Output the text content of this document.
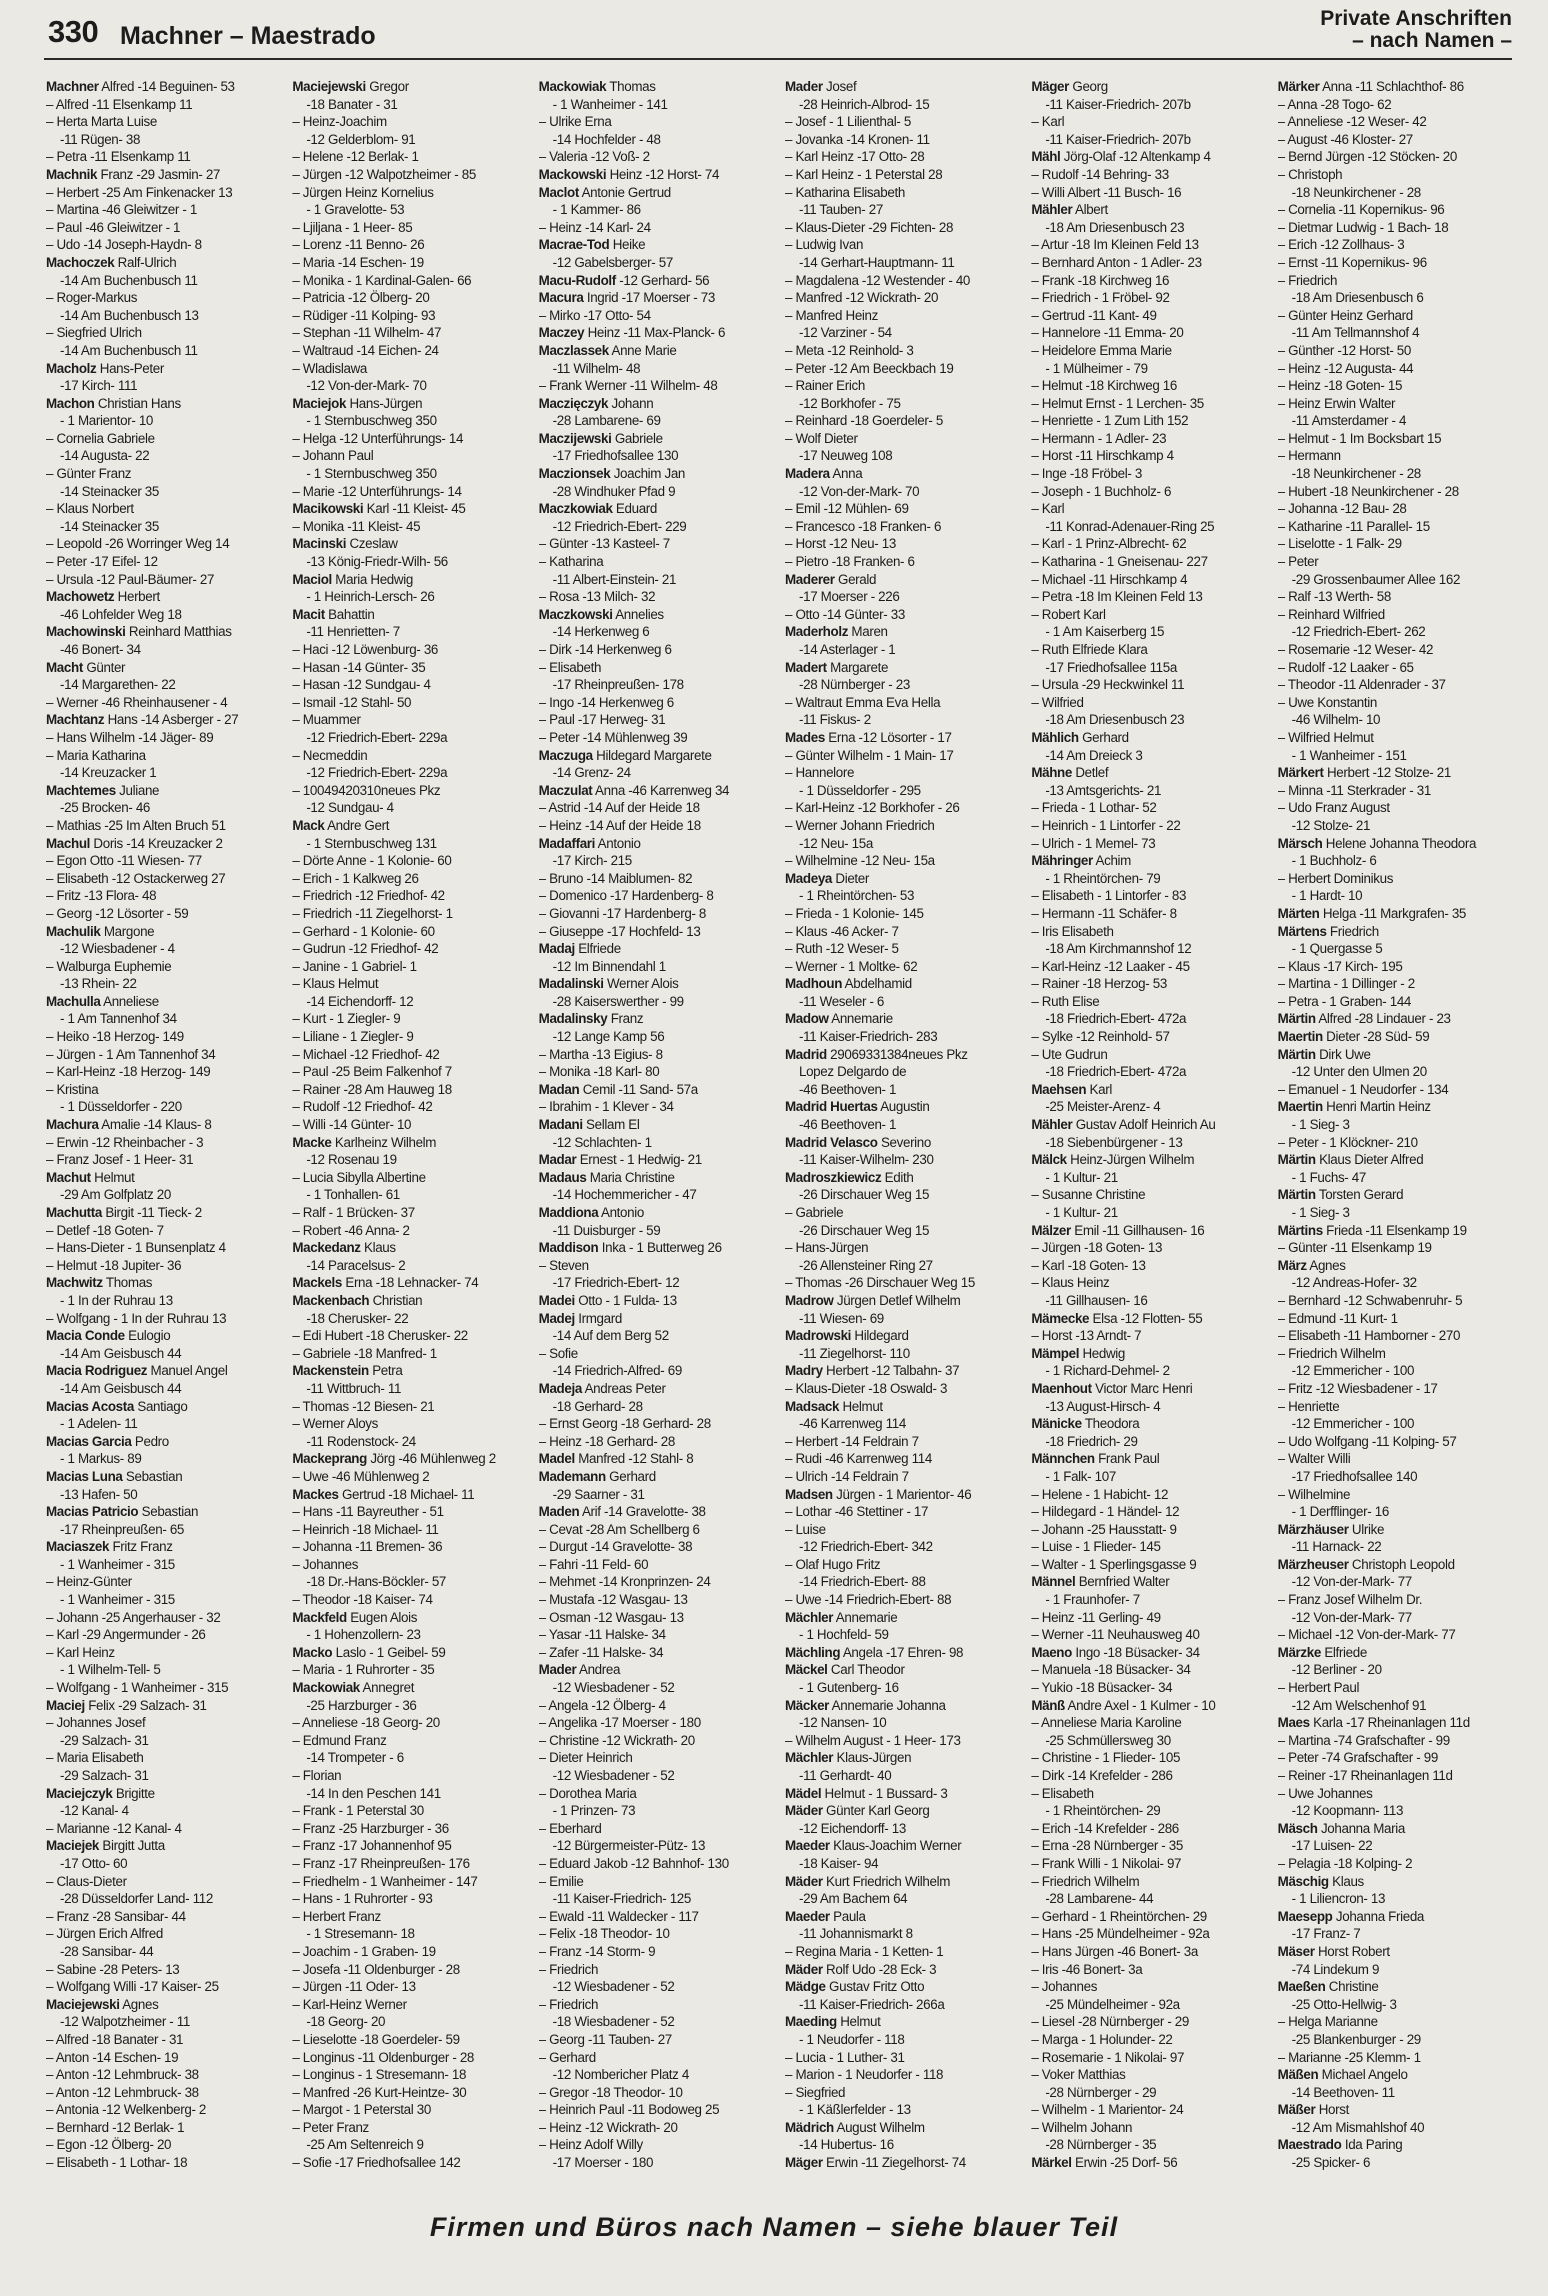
330 Machner – Maestrado
Private Anschriften
– nach Namen –
Machner Alfred -14 Beguinen- 53
– Alfred -11 Elsenkamp 11
– Herta Marta Luise
-11 Rügen- 38
– Petra -11 Elsenkamp 11
Machnik Franz -29 Jasmin- 27
– Herbert -25 Am Finkenacker 13
– Martina -46 Gleiwitzer - 1
– Paul -46 Gleiwitzer - 1
– Udo -14 Joseph-Haydn- 8
Machoczek Ralf-Ulrich
-14 Am Buchenbusch 11
– Roger-Markus
-14 Am Buchenbusch 13
– Siegfried Ulrich
-14 Am Buchenbusch 11
Macholz Hans-Peter
-17 Kirch- 111
Machon Christian Hans
- 1 Marientor- 10
– Cornelia Gabriele
-14 Augusta- 22
– Günter Franz
-14 Steinacker 35
– Klaus Norbert
-14 Steinacker 35
– Leopold -26 Worringer Weg 14
– Peter -17 Eifel- 12
– Ursula -12 Paul-Bäumer- 27
Machowetz Herbert
-46 Lohfelder Weg 18
Machowinski Reinhard Matthias
-46 Bonert- 34
Macht Günter
-14 Margarethen- 22
– Werner -46 Rheinhausener - 4
Machtanz Hans -14 Asberger - 27
– Hans Wilhelm -14 Jäger- 89
– Maria Katharina
-14 Kreuzacker 1
Machtemes Juliane
-25 Brocken- 46
– Mathias -25 Im Alten Bruch 51
Machul Doris -14 Kreuzacker 2
– Egon Otto -11 Wiesen- 77
– Elisabeth -12 Ostackerweg 27
– Fritz -13 Flora- 48
– Georg -12 Lösorter - 59
Machulik Margone
-12 Wiesbadener - 4
– Walburga Euphemie
-13 Rhein- 22
Machulla Anneliese
- 1 Am Tannenhof 34
– Heiko -18 Herzog- 149
– Jürgen - 1 Am Tannenhof 34
– Karl-Heinz -18 Herzog- 149
– Kristina
- 1 Düsseldorfer - 220
Machura Amalie -14 Klaus- 8
– Erwin -12 Rheinbacher - 3
– Franz Josef - 1 Heer- 31
Machut Helmut
-29 Am Golfplatz 20
Machutta Birgit -11 Tieck- 2
– Detlef -18 Goten- 7
– Hans-Dieter - 1 Bunsenplatz 4
– Helmut -18 Jupiter- 36
Machwitz Thomas
- 1 In der Ruhrau 13
– Wolfgang - 1 In der Ruhrau 13
Macia Conde Eulogio
-14 Am Geisbusch 44
Macia Rodriguez Manuel Angel
-14 Am Geisbusch 44
Macias Acosta Santiago
- 1 Adelen- 11
Macias Garcia Pedro
- 1 Markus- 89
Macias Luna Sebastian
-13 Hafen- 50
Macias Patricio Sebastian
-17 Rheinpreußen- 65
Maciaszek Fritz Franz
- 1 Wanheimer - 315
– Heinz-Günter
- 1 Wanheimer - 315
– Johann -25 Angerhauser - 32
– Karl -29 Angermunder - 26
– Karl Heinz
- 1 Wilhelm-Tell- 5
– Wolfgang - 1 Wanheimer - 315
Maciej Felix -29 Salzach- 31
– Johannes Josef
-29 Salzach- 31
– Maria Elisabeth
-29 Salzach- 31
Maciejczyk Brigitte
-12 Kanal- 4
– Marianne -12 Kanal- 4
Maciejek Birgitt Jutta
-17 Otto- 60
– Claus-Dieter
-28 Düsseldorfer Land- 112
– Franz -28 Sansibar- 44
– Jürgen Erich Alfred
-28 Sansibar- 44
– Sabine -28 Peters- 13
– Wolfgang Willi -17 Kaiser- 25
Maciejewski Agnes
-12 Walpotzheimer - 11
– Alfred -18 Banater - 31
– Anton -14 Eschen- 19
– Anton -12 Lehmbruck- 38
– Anton -12 Lehmbruck- 38
– Antonia -12 Welkenberg- 2
– Bernhard -12 Berlak- 1
– Egon -12 Ölberg- 20
– Elisabeth - 1 Lothar- 18
Maciejewski Gregor
-18 Banater - 31
– Heinz-Joachim
-12 Gelderblom- 91
– Helene -12 Berlak- 1
– Jürgen -12 Walpotzheimer - 85
– Jürgen Heinz Kornelius
- 1 Gravelotte- 53
– Ljiljana - 1 Heer- 85
– Lorenz -11 Benno- 26
– Maria -14 Eschen- 19
– Monika - 1 Kardinal-Galen- 66
– Patricia -12 Ölberg- 20
– Rüdiger -11 Kolping- 93
– Stephan -11 Wilhelm- 47
– Waltraud -14 Eichen- 24
– Wladislawa
-12 Von-der-Mark- 70
Maciejok Hans-Jürgen
- 1 Sternbuschweg 350
– Helga -12 Unterführungs- 14
– Johann Paul
- 1 Sternbuschweg 350
– Marie -12 Unterführungs- 14
Macikowski Karl -11 Kleist- 45
– Monika -11 Kleist- 45
Macinski Czeslaw
-13 König-Friedr-Wilh- 56
Maciol Maria Hedwig
- 1 Heinrich-Lersch- 26
Macit Bahattin
-11 Henrietten- 7
– Haci -12 Löwenburg- 36
– Hasan -14 Günter- 35
– Hasan -12 Sundgau- 4
– Ismail -12 Stahl- 50
– Muammer
-12 Friedrich-Ebert- 229a
– Necmeddin
-12 Friedrich-Ebert- 229a
– 10049420310neues Pkz
-12 Sundgau- 4
Mack Andre Gert
- 1 Sternbuschweg 131
– Dörte Anne - 1 Kolonie- 60
– Erich - 1 Kalkweg 26
– Friedrich -12 Friedhof- 42
– Friedrich -11 Ziegelhorst- 1
– Gerhard - 1 Kolonie- 60
– Gudrun -12 Friedhof- 42
– Janine - 1 Gabriel- 1
– Klaus Helmut
-14 Eichendorff- 12
– Kurt - 1 Ziegler- 9
– Liliane - 1 Ziegler- 9
– Michael -12 Friedhof- 42
– Paul -25 Beim Falkenhof 7
– Rainer -28 Am Hauweg 18
– Rudolf -12 Friedhof- 42
– Willi -14 Günter- 10
Macke Karlheinz Wilhelm
-12 Rosenau 19
– Lucia Sibylla Albertine
- 1 Tonhallen- 61
– Ralf - 1 Brücken- 37
– Robert -46 Anna- 2
Mackedanz Klaus
-14 Paracelsus- 2
Mackels Erna -18 Lehnacker- 74
Mackenbach Christian
-18 Cherusker- 22
– Edi Hubert -18 Cherusker- 22
– Gabriele -18 Manfred- 1
Mackenstein Petra
-11 Wittbruch- 11
– Thomas -12 Biesen- 21
– Werner Aloys
-11 Rodenstock- 24
Mackeprang Jörg -46 Mühlenweg 2
– Uwe -46 Mühlenweg 2
Mackes Gertrud -18 Michael- 11
– Hans -11 Bayreuther - 51
– Heinrich -18 Michael- 11
– Johanna -11 Bremen- 36
– Johannes
-18 Dr.-Hans-Böckler- 57
– Theodor -18 Kaiser- 74
Mackfeld Eugen Alois
- 1 Hohenzollern- 23
Macko Laslo - 1 Geibel- 59
– Maria - 1 Ruhrorter - 35
Mackowiak Annegret
-25 Harzburger - 36
– Anneliese -18 Georg- 20
– Edmund Franz
-14 Trompeter - 6
– Florian
-14 In den Peschen 141
– Frank - 1 Peterstal 30
– Franz -25 Harzburger - 36
– Franz -17 Johannenhof 95
– Franz -17 Rheinpreußen- 176
– Friedhelm - 1 Wanheimer - 147
– Hans - 1 Ruhrorter - 93
– Herbert Franz
- 1 Stresemann- 18
– Joachim - 1 Graben- 19
– Josefa -11 Oldenburger - 28
– Jürgen -11 Oder- 13
– Karl-Heinz Werner
-18 Georg- 20
– Lieselotte -18 Goerdeler- 59
– Longinus -11 Oldenburger - 28
– Longinus - 1 Stresemann- 18
– Manfred -26 Kurt-Heintze- 30
– Margot - 1 Peterstal 30
– Peter Franz
-25 Am Seltenreich 9
– Sofie -17 Friedhofsallee 142
Mackowiak Thomas
- 1 Wanheimer - 141
– Ulrike Erna
-14 Hochfelder - 48
– Valeria -12 Voß- 2
Mackowski Heinz -12 Horst- 74
Maclot Antonie Gertrud
- 1 Kammer- 86
– Heinz -14 Karl- 24
Macrae-Tod Heike
-12 Gabelsberger- 57
Macu-Rudolf -12 Gerhard- 56
Macura Ingrid -17 Moerser - 73
– Mirko -17 Otto- 54
Maczey Heinz -11 Max-Planck- 6
Maczlassek Anne Marie
-11 Wilhelm- 48
– Frank Werner -11 Wilhelm- 48
Maczięczyk Johann
-28 Lambarene- 69
Maczijewski Gabriele
-17 Friedhofsallee 130
Maczionsek Joachim Jan
-28 Windhuker Pfad 9
Maczkowiak Eduard
-12 Friedrich-Ebert- 229
– Günter -13 Kasteel- 7
– Katharina
-11 Albert-Einstein- 21
– Rosa -13 Milch- 32
Maczkowski Annelies
-14 Herkenweg 6
– Dirk -14 Herkenweg 6
– Elisabeth
-17 Rheinpreußen- 178
– Ingo -14 Herkenweg 6
– Paul -17 Herweg- 31
– Peter -14 Mühlenweg 39
Maczuga Hildegard Margarete
-14 Grenz- 24
Maczulat Anna -46 Karrenweg 34
– Astrid -14 Auf der Heide 18
– Heinz -14 Auf der Heide 18
Madaffari Antonio
-17 Kirch- 215
– Bruno -14 Maiblumen- 82
– Domenico -17 Hardenberg- 8
– Giovanni -17 Hardenberg- 8
– Giuseppe -17 Hochfeld- 13
Madaj Elfriede
-12 Im Binnendahl 1
Madalinski Werner Alois
-28 Kaiserswerther - 99
Madalinsky Franz
-12 Lange Kamp 56
– Martha -13 Eigius- 8
– Monika -18 Karl- 80
Madan Cemil -11 Sand- 57a
– Ibrahim - 1 Klever - 34
Madani Sellam El
-12 Schlachten- 1
Madar Ernest - 1 Hedwig- 21
Madaus Maria Christine
-14 Hochemmericher - 47
Maddiona Antonio
-11 Duisburger - 59
Maddison Inka - 1 Butterweg 26
– Steven
-17 Friedrich-Ebert- 12
Madei Otto - 1 Fulda- 13
Madej Irmgard
-14 Auf dem Berg 52
– Sofie
-14 Friedrich-Alfred- 69
Madeja Andreas Peter
-18 Gerhard- 28
– Ernst Georg -18 Gerhard- 28
– Heinz -18 Gerhard- 28
Madel Manfred -12 Stahl- 8
Mademann Gerhard
-29 Saarner - 31
Maden Arif -14 Gravelotte- 38
– Cevat -28 Am Schellberg 6
– Durgut -14 Gravelotte- 38
– Fahri -11 Feld- 60
– Mehmet -14 Kronprinzen- 24
– Mustafa -12 Wasgau- 13
– Osman -12 Wasgau- 13
– Yasar -11 Halske- 34
– Zafer -11 Halske- 34
Mader Andrea
-12 Wiesbadener - 52
– Angela -12 Ölberg- 4
– Angelika -17 Moerser - 180
– Christine -12 Wickrath- 20
– Dieter Heinrich
-12 Wiesbadener - 52
– Dorothea Maria
- 1 Prinzen- 73
– Eberhard
-12 Bürgermeister-Pütz- 13
– Eduard Jakob -12 Bahnhof- 130
– Emilie
-11 Kaiser-Friedrich- 125
– Ewald -11 Waldecker - 117
– Felix -18 Theodor- 10
– Franz -14 Storm- 9
– Friedrich
-12 Wiesbadener - 52
– Friedrich
-18 Wiesbadener - 52
– Georg -11 Tauben- 27
– Gerhard
-12 Nombericher Platz 4
– Gregor -18 Theodor- 10
– Heinrich Paul -11 Bodoweg 25
– Heinz -12 Wickrath- 20
– Heinz Adolf Willy
-17 Moerser - 180
Mader Josef
-28 Heinrich-Albrod- 15
– Josef - 1 Lilienthal- 5
– Jovanka -14 Kronen- 11
– Karl Heinz -17 Otto- 28
– Karl Heinz - 1 Peterstal 28
– Katharina Elisabeth
-11 Tauben- 27
– Klaus-Dieter -29 Fichten- 28
– Ludwig Ivan
-14 Gerhart-Hauptmann- 11
– Magdalena -12 Westender - 40
– Manfred -12 Wickrath- 20
– Manfred Heinz
-12 Varziner - 54
– Meta -12 Reinhold- 3
– Peter -12 Am Beeckbach 19
– Rainer Erich
-12 Borkhofer - 75
– Reinhard -18 Goerdeler- 5
– Wolf Dieter
-17 Neuweg 108
Madera Anna
-12 Von-der-Mark- 70
– Emil -12 Mühlen- 69
– Francesco -18 Franken- 6
– Horst -12 Neu- 13
– Pietro -18 Franken- 6
Maderer Gerald
-17 Moerser - 226
– Otto -14 Günter- 33
Maderholz Maren
-14 Asterlager - 1
Madert Margarete
-28 Nürnberger - 23
– Waltraut Emma Eva Hella
-11 Fiskus- 2
Mades Erna -12 Lösorter - 17
– Günter Wilhelm - 1 Main- 17
– Hannelore
- 1 Düsseldorfer - 295
– Karl-Heinz -12 Borkhofer - 26
– Werner Johann Friedrich
-12 Neu- 15a
– Wilhelmine -12 Neu- 15a
Madeya Dieter
- 1 Rheintörchen- 53
– Frieda - 1 Kolonie- 145
– Klaus -46 Acker- 7
– Ruth -12 Weser- 5
– Werner - 1 Moltke- 62
Madhoun Abdelhamid
-11 Weseler - 6
Madow Annemarie
-11 Kaiser-Friedrich- 283
Madrid 29069331384neues Pkz
Lopez Delgardo de
-46 Beethoven- 1
Madrid Huertas Augustin
-46 Beethoven- 1
Madrid Velasco Severino
-11 Kaiser-Wilhelm- 230
Madroszkiewicz Edith
-26 Dirschauer Weg 15
– Gabriele
-26 Dirschauer Weg 15
– Hans-Jürgen
-26 Allensteiner Ring 27
– Thomas -26 Dirschauer Weg 15
Madrow Jürgen Detlef Wilhelm
-11 Wiesen- 69
Madrowski Hildegard
-11 Ziegelhorst- 110
Madry Herbert -12 Talbahn- 37
– Klaus-Dieter -18 Oswald- 3
Madsack Helmut
-46 Karrenweg 114
– Herbert -14 Feldrain 7
– Rudi -46 Karrenweg 114
– Ulrich -14 Feldrain 7
Madsen Jürgen - 1 Marientor- 46
– Lothar -46 Stettiner - 17
– Luise
-12 Friedrich-Ebert- 342
– Olaf Hugo Fritz
-14 Friedrich-Ebert- 88
– Uwe -14 Friedrich-Ebert- 88
Mächler Annemarie
- 1 Hochfeld- 59
Mächling Angela -17 Ehren- 98
Mäckel Carl Theodor
- 1 Gutenberg- 16
Mäcker Annemarie Johanna
-12 Nansen- 10
– Wilhelm August - 1 Heer- 173
Mächler Klaus-Jürgen
-11 Gerhardt- 40
Mädel Helmut - 1 Bussard- 3
Mäder Günter Karl Georg
-12 Eichendorff- 13
Maeder Klaus-Joachim Werner
-18 Kaiser- 94
Mäder Kurt Friedrich Wilhelm
-29 Am Bachem 64
Maeder Paula
-11 Johannismarkt 8
– Regina Maria - 1 Ketten- 1
Mäder Rolf Udo -28 Eck- 3
Mädge Gustav Fritz Otto
-11 Kaiser-Friedrich- 266a
Maeding Helmut
- 1 Neudorfer - 118
– Lucia - 1 Luther- 31
– Marion - 1 Neudorfer - 118
– Siegfried
- 1 Käßlerfelder - 13
Mädrich August Wilhelm
-14 Hubertus- 16
Mäger Erwin -11 Ziegelhorst- 74
Mäger Georg
-11 Kaiser-Friedrich- 207b
– Karl
-11 Kaiser-Friedrich- 207b
Mähl Jörg-Olaf -12 Altenkamp 4
– Rudolf -14 Behring- 33
– Willi Albert -11 Busch- 16
Mähler Albert
-18 Am Driesenbusch 23
– Artur -18 Im Kleinen Feld 13
– Bernhard Anton - 1 Adler- 23
– Frank -18 Kirchweg 16
– Friedrich - 1 Fröbel- 92
– Gertrud -11 Kant- 49
– Hannelore -11 Emma- 20
– Heidelore Emma Marie
- 1 Mülheimer - 79
– Helmut -18 Kirchweg 16
– Helmut Ernst - 1 Lerchen- 35
– Henriette - 1 Zum Lith 152
– Hermann - 1 Adler- 23
– Horst -11 Hirschkamp 4
– Inge -18 Fröbel- 3
– Joseph - 1 Buchholz- 6
– Karl
-11 Konrad-Adenauer-Ring 25
– Karl - 1 Prinz-Albrecht- 62
– Katharina - 1 Gneisenau- 227
– Michael -11 Hirschkamp 4
– Petra -18 Im Kleinen Feld 13
– Robert Karl
- 1 Am Kaiserberg 15
– Ruth Elfriede Klara
-17 Friedhofsallee 115a
– Ursula -29 Heckwinkel 11
– Wilfried
-18 Am Driesenbusch 23
Mählich Gerhard
-14 Am Dreieck 3
Mähne Detlef
-13 Amtsgerichts- 21
– Frieda - 1 Lothar- 52
– Heinrich - 1 Lintorfer - 22
– Ulrich - 1 Memel- 73
Mähringer Achim
- 1 Rheintörchen- 79
– Elisabeth - 1 Lintorfer - 83
– Hermann -11 Schäfer- 8
– Iris Elisabeth
-18 Am Kirchmannshof 12
– Karl-Heinz -12 Laaker - 45
– Rainer -18 Herzog- 53
– Ruth Elise
-18 Friedrich-Ebert- 472a
– Sylke -12 Reinhold- 57
– Ute Gudrun
-18 Friedrich-Ebert- 472a
Maehsen Karl
-25 Meister-Arenz- 4
Mähler Gustav Adolf Heinrich Au
-18 Siebenbürgener - 13
Mälck Heinz-Jürgen Wilhelm
- 1 Kultur- 21
– Susanne Christine
- 1 Kultur- 21
Mälzer Emil -11 Gillhausen- 16
– Jürgen -18 Goten- 13
– Karl -18 Goten- 13
– Klaus Heinz
-11 Gillhausen- 16
Mämecke Elsa -12 Flotten- 55
– Horst -13 Arndt- 7
Mämpel Hedwig
- 1 Richard-Dehmel- 2
Maenhout Victor Marc Henri
-13 August-Hirsch- 4
Mänicke Theodora
-18 Friedrich- 29
Männchen Frank Paul
- 1 Falk- 107
– Helene - 1 Habicht- 12
– Hildegard - 1 Händel- 12
– Johann -25 Hausstatt- 9
– Luise - 1 Flieder- 145
– Walter - 1 Sperlingsgasse 9
Männel Bernfried Walter
- 1 Fraunhofer- 7
– Heinz -11 Gerling- 49
– Werner -11 Neuhausweg 40
Maeno Ingo -18 Büsacker- 34
– Manuela -18 Büsacker- 34
– Yukio -18 Büsacker- 34
Mänß Andre Axel - 1 Kulmer - 10
– Anneliese Maria Karoline
-25 Schmüllersweg 30
– Christine - 1 Flieder- 105
– Dirk -14 Krefelder - 286
– Elisabeth
- 1 Rheintörchen- 29
– Erich -14 Krefelder - 286
– Erna -28 Nürnberger - 35
– Frank Willi - 1 Nikolai- 97
– Friedrich Wilhelm
-28 Lambarene- 44
– Gerhard - 1 Rheintörchen- 29
– Hans -25 Mündelheimer - 92a
– Hans Jürgen -46 Bonert- 3a
– Iris -46 Bonert- 3a
– Johannes
-25 Mündelheimer - 92a
– Liesel -28 Nürnberger - 29
– Marga - 1 Holunder- 22
– Rosemarie - 1 Nikolai- 97
– Voker Matthias
-28 Nürnberger - 29
– Wilhelm - 1 Marientor- 24
– Wilhelm Johann
-28 Nürnberger - 35
Märkel Erwin -25 Dorf- 56
Märker Anna -11 Schlachthof- 86
– Anna -28 Togo- 62
– Anneliese -12 Weser- 42
– August -46 Kloster- 27
– Bernd Jürgen -12 Stöcken- 20
– Christoph
-18 Neunkirchener - 28
– Cornelia -11 Kopernikus- 96
– Dietmar Ludwig - 1 Bach- 18
– Erich -12 Zollhaus- 3
– Ernst -11 Kopernikus- 96
– Friedrich
-18 Am Driesenbusch 6
– Günter Heinz Gerhard
-11 Am Tellmannshof 4
– Günther -12 Horst- 50
– Heinz -12 Augusta- 44
– Heinz -18 Goten- 15
– Heinz Erwin Walter
-11 Amsterdamer - 4
– Helmut - 1 Im Bocksbart 15
– Hermann
-18 Neunkirchener - 28
– Hubert -18 Neunkirchener - 28
– Johanna -12 Bau- 28
– Katharine -11 Parallel- 15
– Liselotte - 1 Falk- 29
– Peter
-29 Grossenbaumer Allee 162
– Ralf -13 Werth- 58
– Reinhard Wilfried
-12 Friedrich-Ebert- 262
– Rosemarie -12 Weser- 42
– Rudolf -12 Laaker - 65
– Theodor -11 Aldenrader - 37
– Uwe Konstantin
-46 Wilhelm- 10
– Wilfried Helmut
- 1 Wanheimer - 151
Märkert Herbert -12 Stolze- 21
– Minna -11 Sterkrader - 31
– Udo Franz August
-12 Stolze- 21
Märsch Helene Johanna Theodora
- 1 Buchholz- 6
– Herbert Dominikus
- 1 Hardt- 10
Märten Helga -11 Markgrafen- 35
Märtens Friedrich
- 1 Quergasse 5
– Klaus -17 Kirch- 195
– Martina - 1 Dillinger - 2
– Petra - 1 Graben- 144
Märtin Alfred -28 Lindauer - 23
Maertin Dieter -28 Süd- 59
Märtin Dirk Uwe
-12 Unter den Ulmen 20
– Emanuel - 1 Neudorfer - 134
Maertin Henri Martin Heinz
- 1 Sieg- 3
– Peter - 1 Klöckner- 210
Märtin Klaus Dieter Alfred
- 1 Fuchs- 47
Märtin Torsten Gerard
- 1 Sieg- 3
Märtins Frieda -11 Elsenkamp 19
– Günter -11 Elsenkamp 19
März Agnes
-12 Andreas-Hofer- 32
– Bernhard -12 Schwabenruhr- 5
– Edmund -11 Kurt- 1
– Elisabeth -11 Hamborner - 270
– Friedrich Wilhelm
-12 Emmericher - 100
– Fritz -12 Wiesbadener - 17
– Henriette
-12 Emmericher - 100
– Udo Wolfgang -11 Kolping- 57
– Walter Willi
-17 Friedhofsallee 140
– Wilhelmine
- 1 Derfflinger- 16
Märzhäuser Ulrike
-11 Harnack- 22
Märzheuser Christoph Leopold
-12 Von-der-Mark- 77
– Franz Josef Wilhelm Dr.
-12 Von-der-Mark- 77
– Michael -12 Von-der-Mark- 77
Märzke Elfriede
-12 Berliner - 20
– Herbert Paul
-12 Am Welschenhof 91
Maes Karla -17 Rheinanlagen 11d
– Martina -74 Grafschafter - 99
– Peter -74 Grafschafter - 99
– Reiner -17 Rheinanlagen 11d
– Uwe Johannes
-12 Koopmann- 113
Mäsch Johanna Maria
-17 Luisen- 22
– Pelagia -18 Kolping- 2
Mäschig Klaus
- 1 Liliencron- 13
Maesepp Johanna Frieda
-17 Franz- 7
Mäser Horst Robert
-74 Lindekum 9
Maeßen Christine
-25 Otto-Hellwig- 3
– Helga Marianne
-25 Blankenburger - 29
– Marianne -25 Klemm- 1
Mäßen Michael Angelo
-14 Beethoven- 11
Mäßer Horst
-12 Am Mismahlshof 40
Maestrado Ida Paring
-25 Spicker- 6
Firmen und Büros nach Namen – siehe blauer Teil
